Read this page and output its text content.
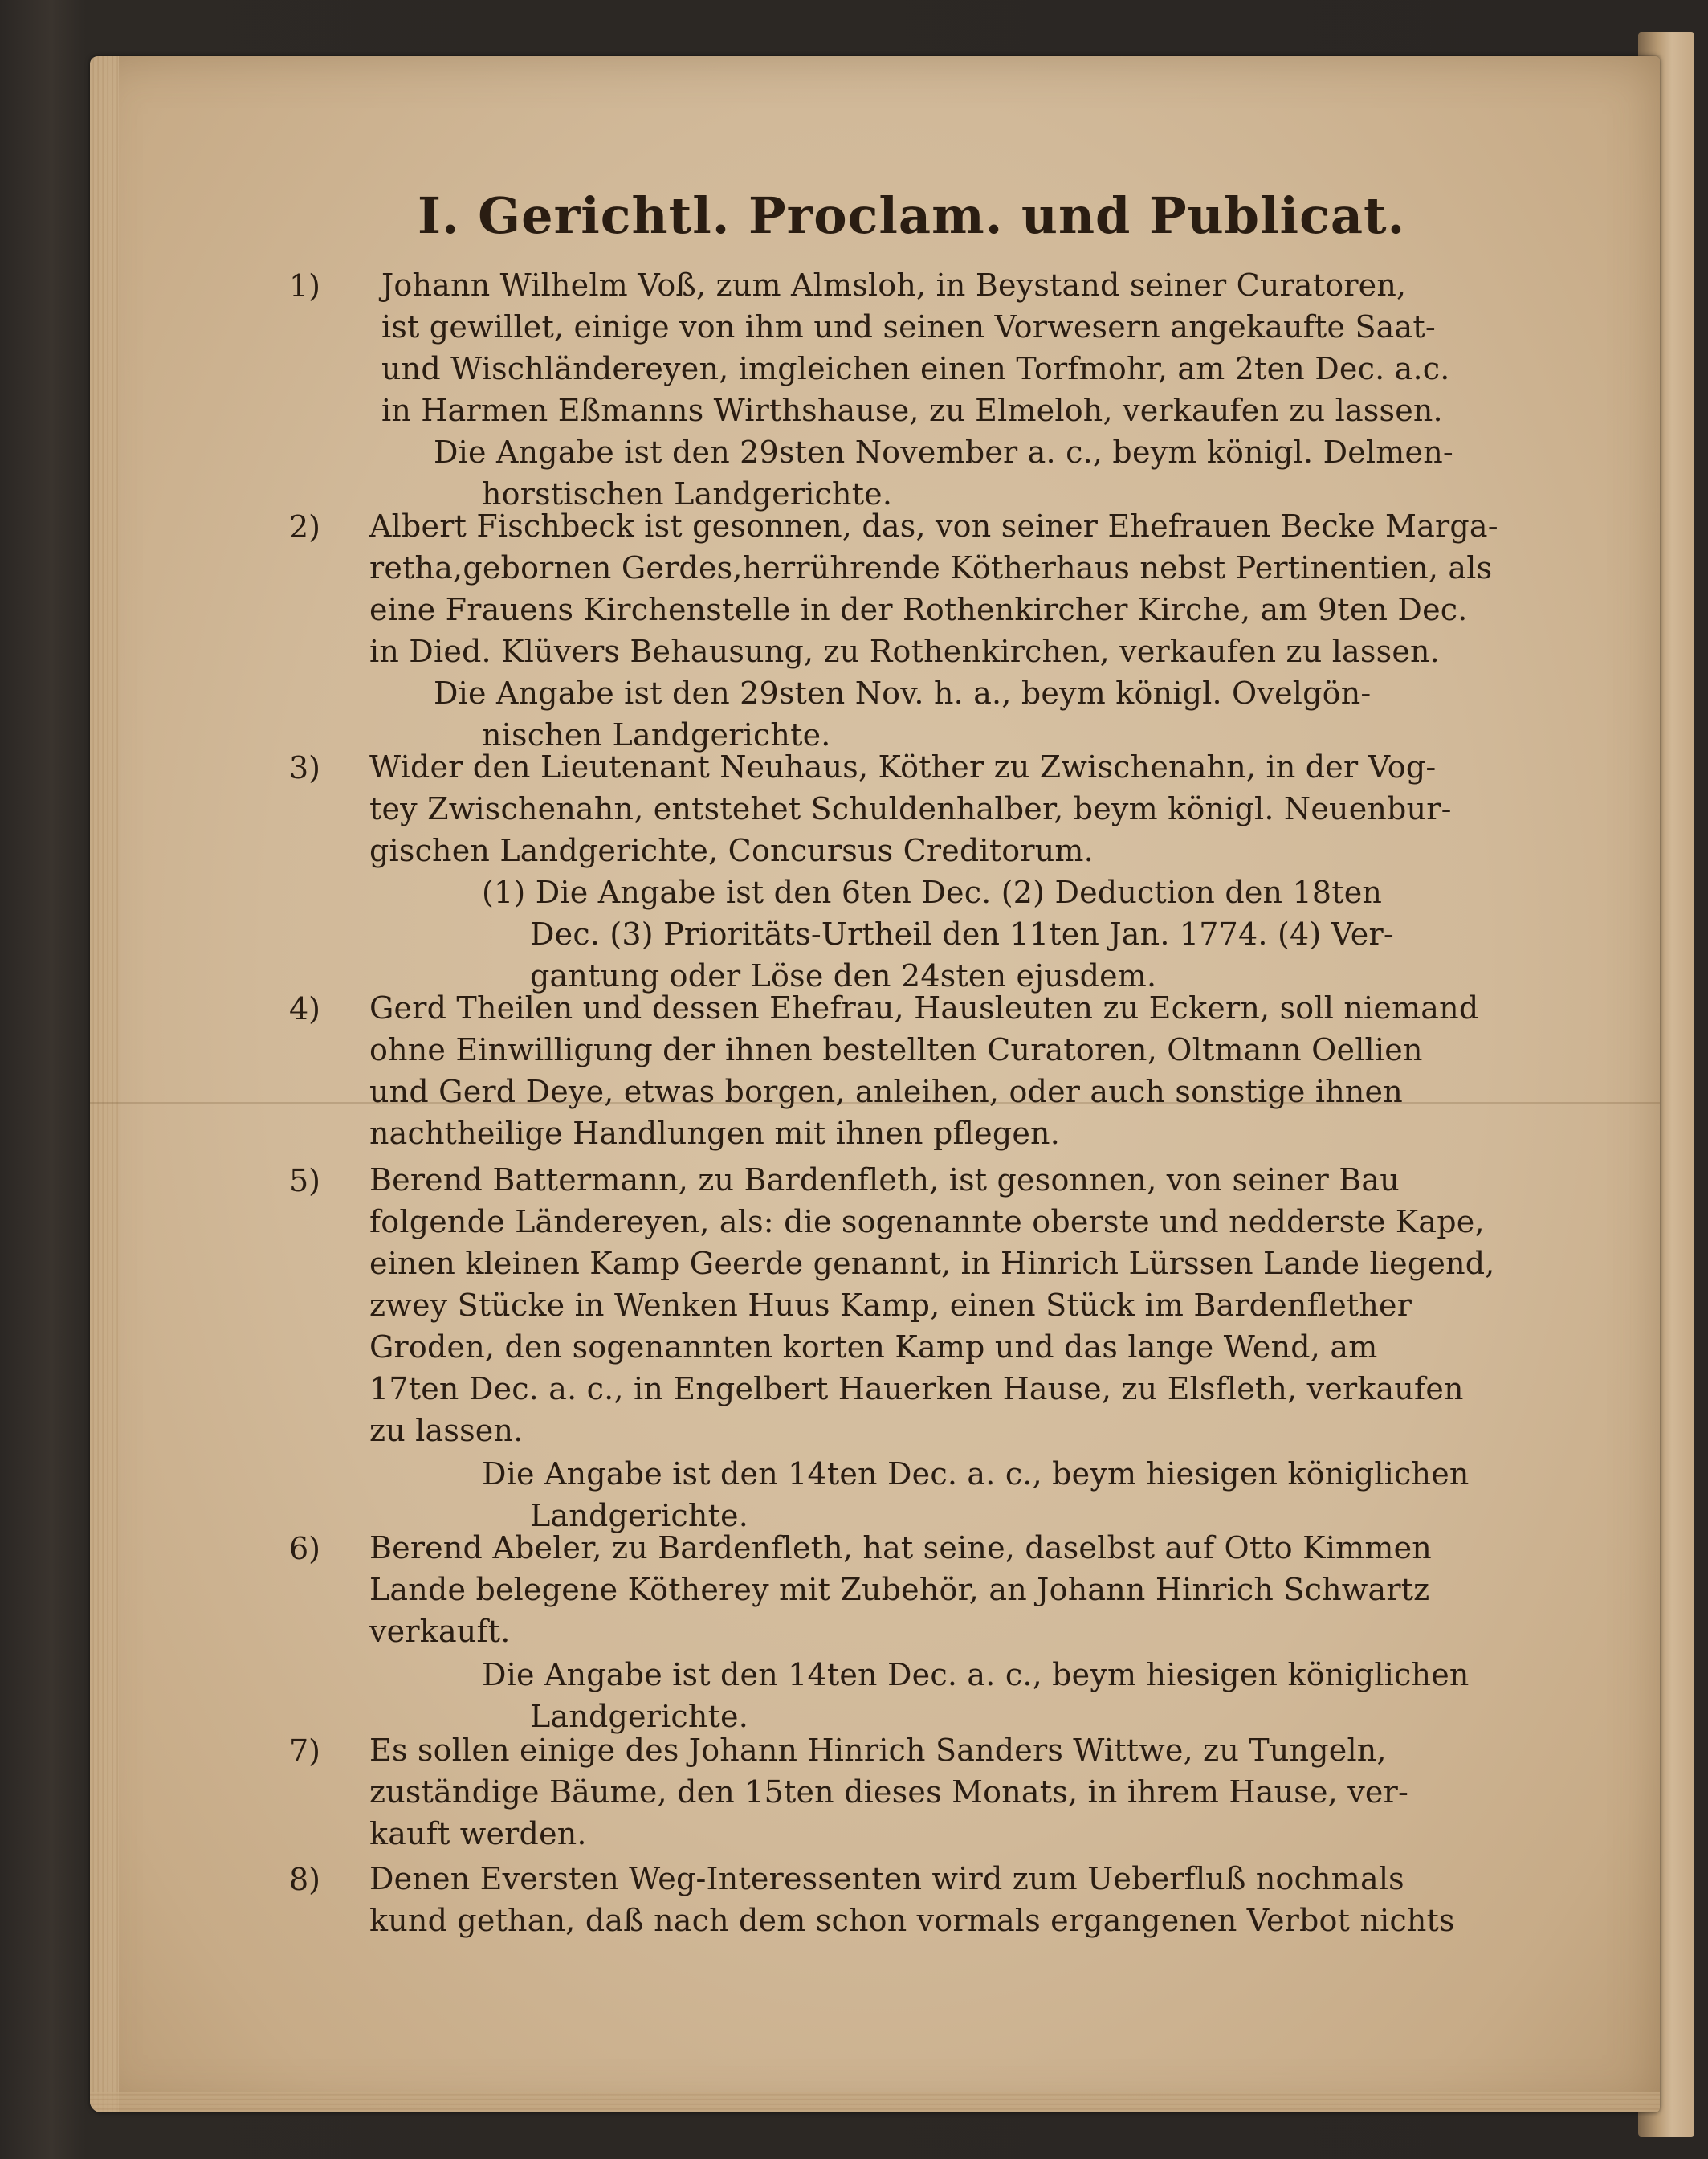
I. Gerichtl. Proclam. und Publicat.
1) Johann Wilhelm Voß, zum Almsloh, in Beystand seiner Curatoren,
ist gewillet, einige von ihm und seinen Vorwesern angekaufte Saat-
und Wischländereyen, imgleichen einen Torfmohr, am 2ten Dec. a.c.
in Harmen Eßmanns Wirthshause, zu Elmeloh, verkaufen zu lassen.
Die Angabe ist den 29sten November a. c., beym königl. Delmen-
horstischen Landgerichte.
2) Albert Fischbeck ist gesonnen, das, von seiner Ehefrauen Becke Marga-
retha,gebornen Gerdes,herrührende Kötherhaus nebst Pertinentien, als
eine Frauens Kirchenstelle in der Rothenkircher Kirche, am 9ten Dec.
in Died. Klüvers Behausung, zu Rothenkirchen, verkaufen zu lassen.
Die Angabe ist den 29sten Nov. h. a., beym königl. Ovelgön-
nischen Landgerichte.
3) Wider den Lieutenant Neuhaus, Köther zu Zwischenahn, in der Vog-
tey Zwischenahn, entstehet Schuldenhalber, beym königl. Neuenbur-
gischen Landgerichte, Concursus Creditorum.
(1) Die Angabe ist den 6ten Dec. (2) Deduction den 18ten
Dec. (3) Prioritäts-Urtheil den 11ten Jan. 1774. (4) Ver-
gantung oder Löse den 24sten ejusdem.
4) Gerd Theilen und dessen Ehefrau, Hausleuten zu Eckern, soll niemand
ohne Einwilligung der ihnen bestellten Curatoren, Oltmann Oellien
und Gerd Deye, etwas borgen, anleihen, oder auch sonstige ihnen
nachtheilige Handlungen mit ihnen pflegen.
5) Berend Battermann, zu Bardenfleth, ist gesonnen, von seiner Bau
folgende Ländereyen, als: die sogenannte oberste und nedderste Kape,
einen kleinen Kamp Geerde genannt, in Hinrich Lürssen Lande liegend,
zwey Stücke in Wenken Huus Kamp, einen Stück im Bardenflether
Groden, den sogenannten korten Kamp und das lange Wend, am
17ten Dec. a. c., in Engelbert Hauerken Hause, zu Elsfleth, verkaufen
zu lassen.
Die Angabe ist den 14ten Dec. a. c., beym hiesigen königlichen
Landgerichte.
6) Berend Abeler, zu Bardenfleth, hat seine, daselbst auf Otto Kimmen
Lande belegene Kötherey mit Zubehör, an Johann Hinrich Schwartz
verkauft.
Die Angabe ist den 14ten Dec. a. c., beym hiesigen königlichen
Landgerichte.
7) Es sollen einige des Johann Hinrich Sanders Wittwe, zu Tungeln,
zuständige Bäume, den 15ten dieses Monats, in ihrem Hause, ver-
kauft werden.
8) Denen Eversten Weg-Interessenten wird zum Ueberfluß nochmals
kund gethan, daß nach dem schon vormals ergangenen Verbot nichts
